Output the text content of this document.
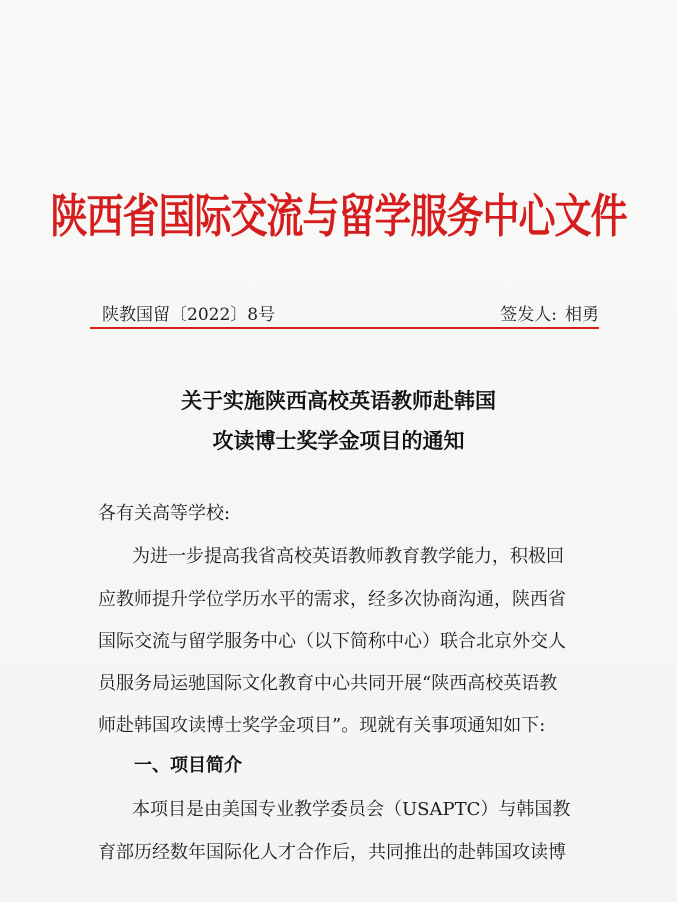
陕西省国际交流与留学服务中心文件
陕教国留〔2022〕8号	签发人: 相勇
关于实施陕西高校英语教师赴韩国
攻读博士奖学金项目的通知
各有关高等学校:
为进一步提高我省高校英语教师教育教学能力，积极回
应教师提升学位学历水平的需求，经多次协商沟通，陕西省
国际交流与留学服务中心（以下简称中心）联合北京外交人
员服务局运驰国际文化教育中心共同开展“陕西高校英语教
师赴韩国攻读博士奖学金项目”。现就有关事项通知如下:
一、项目简介
本项目是由美国专业教学委员会（USAPTC）与韩国教
育部历经数年国际化人才合作后，共同推出的赴韩国攻读博
